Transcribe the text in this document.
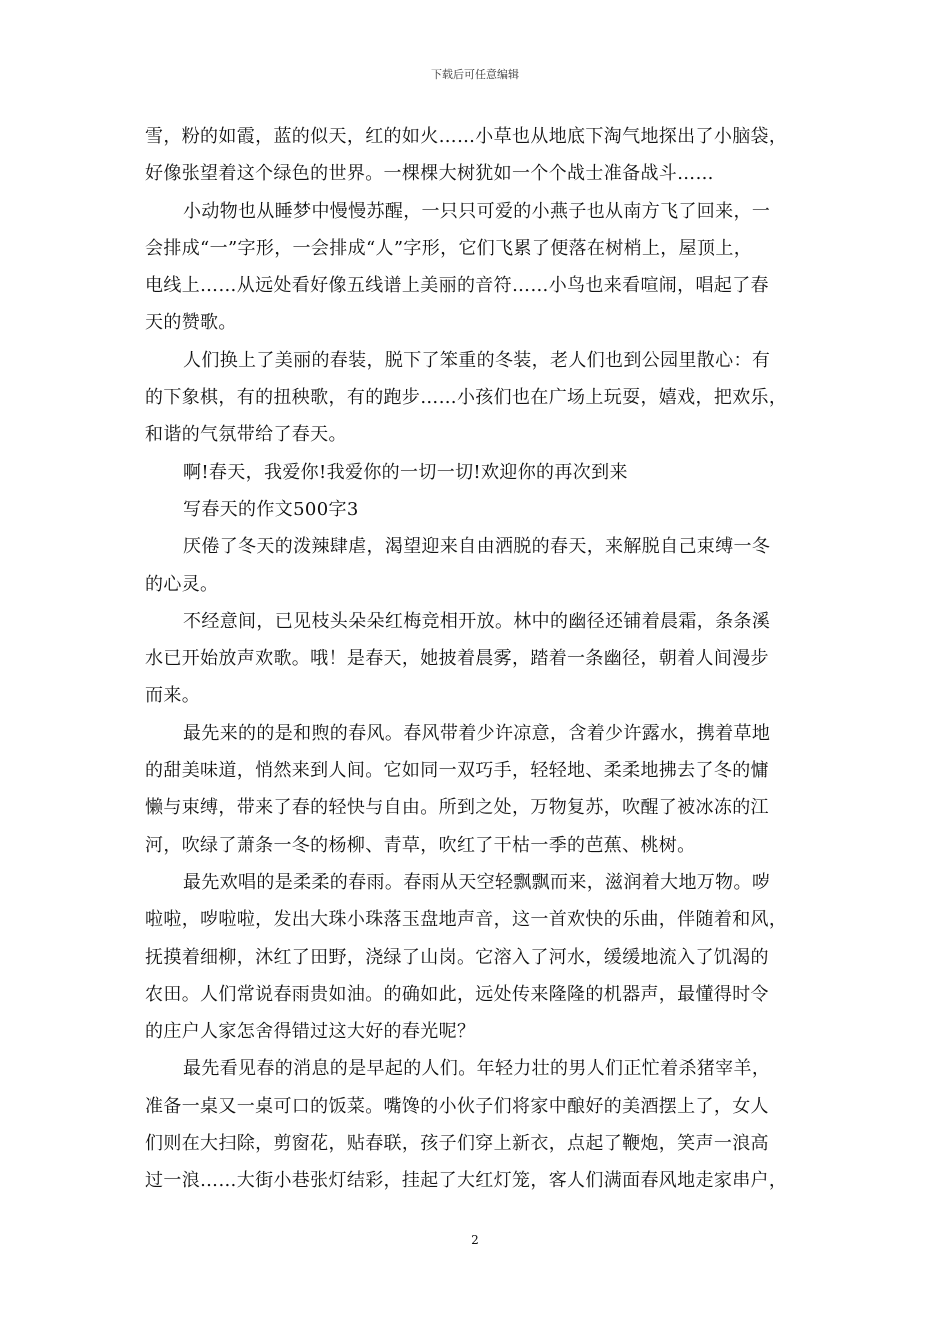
下载后可任意编辑
雪，粉的如霞，蓝的似天，红的如火……小草也从地底下淘气地探出了小脑袋，
好像张望着这个绿色的世界。一棵棵大树犹如一个个战士准备战斗……
小动物也从睡梦中慢慢苏醒，一只只可爱的小燕子也从南方飞了回来，一
会排成“一”字形，一会排成“人”字形，它们飞累了便落在树梢上，屋顶上，
电线上……从远处看好像五线谱上美丽的音符……小鸟也来看喧闹，唱起了春
天的赞歌。
人们换上了美丽的春装，脱下了笨重的冬装，老人们也到公园里散心：有
的下象棋，有的扭秧歌，有的跑步……小孩们也在广场上玩耍，嬉戏，把欢乐，
和谐的气氛带给了春天。
啊!春天，我爱你!我爱你的一切一切!欢迎你的再次到来
写春天的作文500字3
厌倦了冬天的泼辣肆虐，渴望迎来自由洒脱的春天，来解脱自己束缚一冬
的心灵。
不经意间，已见枝头朵朵红梅竞相开放。林中的幽径还铺着晨霜，条条溪
水已开始放声欢歌。哦！是春天，她披着晨雾，踏着一条幽径，朝着人间漫步
而来。
最先来的的是和煦的春风。春风带着少许凉意，含着少许露水，携着草地
的甜美味道，悄然来到人间。它如同一双巧手，轻轻地、柔柔地拂去了冬的慵
懒与束缚，带来了春的轻快与自由。所到之处，万物复苏，吹醒了被冰冻的江
河，吹绿了萧条一冬的杨柳、青草，吹红了干枯一季的芭蕉、桃树。
最先欢唱的是柔柔的春雨。春雨从天空轻飘飘而来，滋润着大地万物。哕
啦啦，哕啦啦，发出大珠小珠落玉盘地声音，这一首欢快的乐曲，伴随着和风，
抚摸着细柳，沐红了田野，浇绿了山岗。它溶入了河水，缓缓地流入了饥渴的
农田。人们常说春雨贵如油。的确如此，远处传来隆隆的机器声，最懂得时令
的庄户人家怎舍得错过这大好的春光呢？
最先看见春的消息的是早起的人们。年轻力壮的男人们正忙着杀猪宰羊，
准备一桌又一桌可口的饭菜。嘴馋的小伙子们将家中酿好的美酒摆上了，女人
们则在大扫除，剪窗花，贴春联，孩子们穿上新衣，点起了鞭炮，笑声一浪高
过一浪……大街小巷张灯结彩，挂起了大红灯笼，客人们满面春风地走家串户，
2
